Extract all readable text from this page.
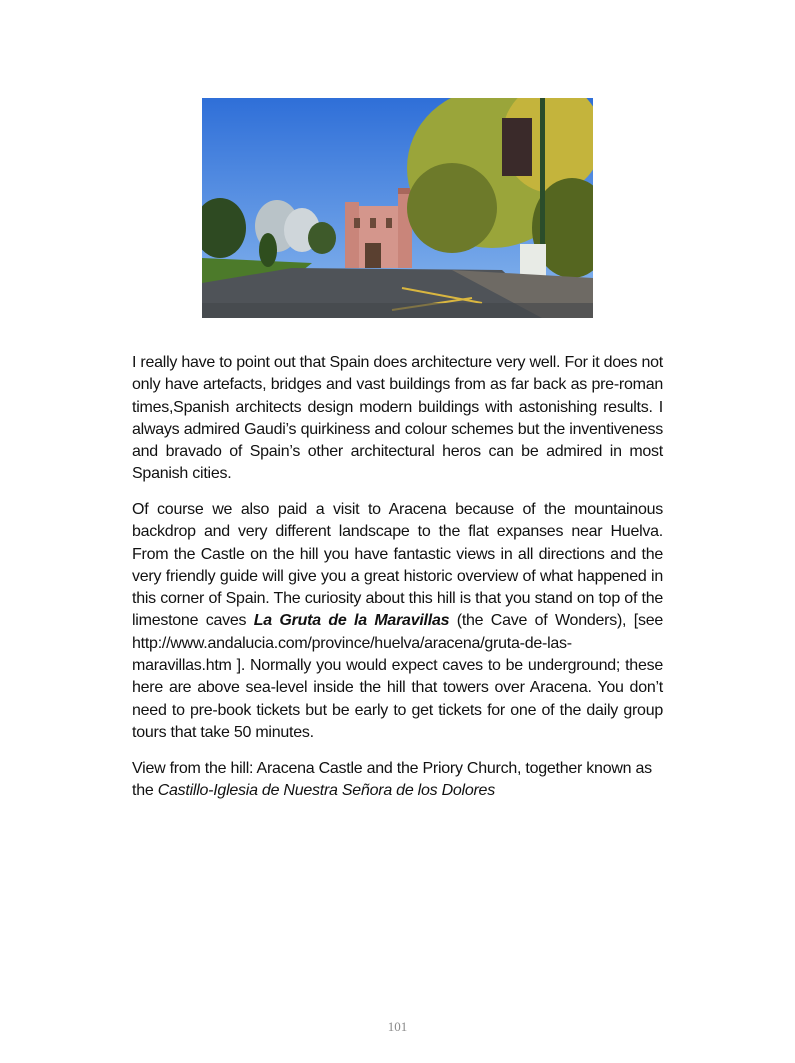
I really have to point out that Spain does architecture very well. For it does not only have artefacts, bridges and vast buildings from as far back as pre-roman times,Spanish architects design modern buildings with astonishing results. I always admired Gaudi’s quirkiness and colour schemes but the inventiveness and bravado of Spain’s other architectural heros can be admired in most Spanish cities.

Of course we also paid a visit to Aracena because of the mountainous backdrop and very different landscape to the flat expanses near Huelva. From the Castle on the hill you have fantastic views in all directions and the very friendly guide will give you a great historic overview of what happened in this corner of Spain. The curiosity about this hill is that you stand on top of the limestone caves La Gruta de la Maravillas (the Cave of Wonders), [see http://www.andalucia.com/province/huelva/aracena/gruta-de-las-maravillas.htm ]. Normally you would expect caves to be underground; these here are above sea-level inside the hill that towers over Aracena. You don’t need to pre-book tickets but be early to get tickets for one of the daily group tours that take 50 minutes.

View from the hill: Aracena Castle and the Priory Church, together known as the Castillo-Iglesia de Nuestra Señora de los Dolores

101
